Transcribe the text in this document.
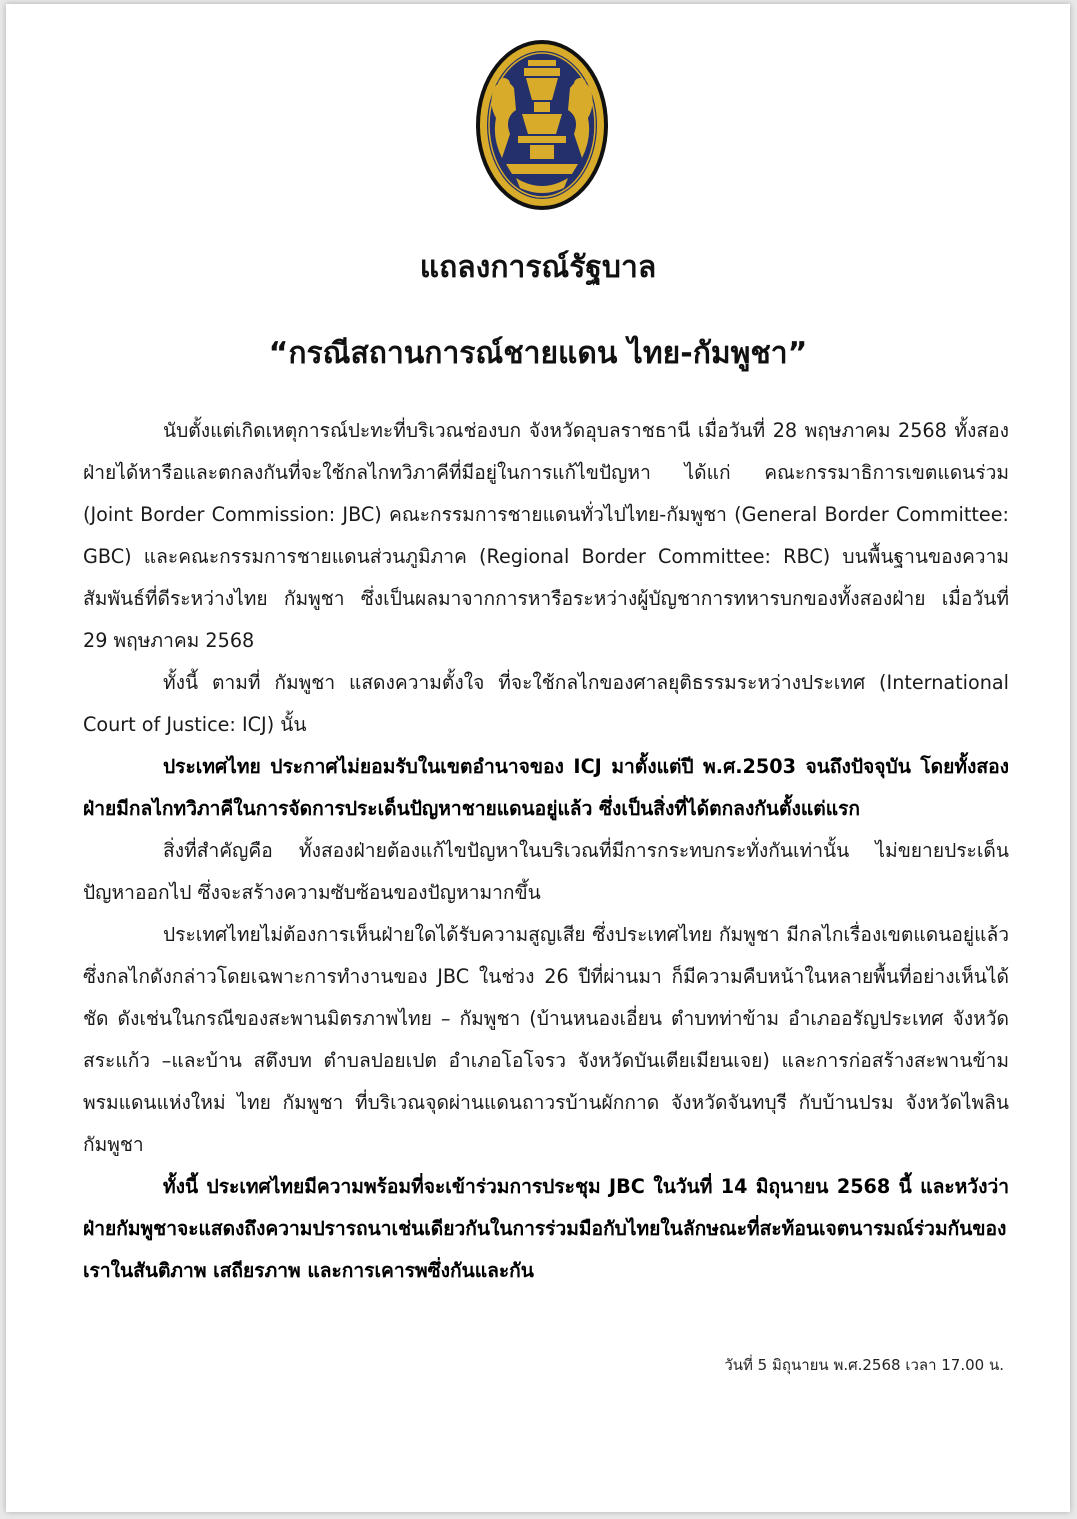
แถลงการณ์รัฐบาล
“กรณีสถานการณ์ชายแดน ไทย-กัมพูชา”

นับตั้งแต่เกิดเหตุการณ์ปะทะที่บริเวณช่องบก จังหวัดอุบลราชธานี เมื่อวันที่ 28 พฤษภาคม 2568 ทั้งสองฝ่ายได้หารือและตกลงกันที่จะใช้กลไกทวิภาคีที่มีอยู่ในการแก้ไขปัญหา ได้แก่ คณะกรรมาธิการเขตแดนร่วม (Joint Border Commission: JBC) คณะกรรมการชายแดนทั่วไปไทย-กัมพูชา (General Border Committee: GBC) และคณะกรรมการชายแดนส่วนภูมิภาค (Regional Border Committee: RBC) บนพื้นฐานของความสัมพันธ์ที่ดีระหว่างไทย กัมพูชา ซึ่งเป็นผลมาจากการหารือระหว่างผู้บัญชาการทหารบกของทั้งสองฝ่าย เมื่อวันที่ 29 พฤษภาคม 2568

ทั้งนี้ ตามที่ กัมพูชา แสดงความตั้งใจ ที่จะใช้กลไกของศาลยุติธรรมระหว่างประเทศ (International Court of Justice: ICJ) นั้น

ประเทศไทย ประกาศไม่ยอมรับในเขตอำนาจของ ICJ มาตั้งแต่ปี พ.ศ.2503 จนถึงปัจจุบัน โดยทั้งสองฝ่ายมีกลไกทวิภาคีในการจัดการประเด็นปัญหาชายแดนอยู่แล้ว ซึ่งเป็นสิ่งที่ได้ตกลงกันตั้งแต่แรก

สิ่งที่สำคัญคือ ทั้งสองฝ่ายต้องแก้ไขปัญหาในบริเวณที่มีการกระทบกระทั่งกันเท่านั้น ไม่ขยายประเด็นปัญหาออกไป ซึ่งจะสร้างความซับซ้อนของปัญหามากขึ้น

ประเทศไทยไม่ต้องการเห็นฝ่ายใดได้รับความสูญเสีย ซึ่งประเทศไทย กัมพูชา มีกลไกเรื่องเขตแดนอยู่แล้ว ซึ่งกลไกดังกล่าวโดยเฉพาะการทำงานของ JBC ในช่วง 26 ปีที่ผ่านมา ก็มีความคืบหน้าในหลายพื้นที่อย่างเห็นได้ชัด ดังเช่นในกรณีของสะพานมิตรภาพไทย – กัมพูชา (บ้านหนองเอี่ยน ตำบทท่าข้าม อำเภออรัญประเทศ จังหวัดสระแก้ว –และบ้าน สตึงบท ตำบลปอยเปต อำเภอโอโจรว จังหวัดบันเตียเมียนเจย) และการก่อสร้างสะพานข้ามพรมแดนแห่งใหม่ ไทย กัมพูชา ที่บริเวณจุดผ่านแดนถาวรบ้านผักกาด จังหวัดจันทบุรี กับบ้านปรม จังหวัดไพลิน กัมพูชา

ทั้งนี้ ประเทศไทยมีความพร้อมที่จะเข้าร่วมการประชุม JBC ในวันที่ 14 มิถุนายน 2568 นี้ และหวังว่าฝ่ายกัมพูชาจะแสดงถึงความปรารถนาเช่นเดียวกันในการร่วมมือกับไทยในลักษณะที่สะท้อนเจตนารมณ์ร่วมกันของเราในสันติภาพ เสถียรภาพ และการเคารพซึ่งกันและกัน

วันที่ 5 มิถุนายน พ.ศ.2568 เวลา 17.00 น.
